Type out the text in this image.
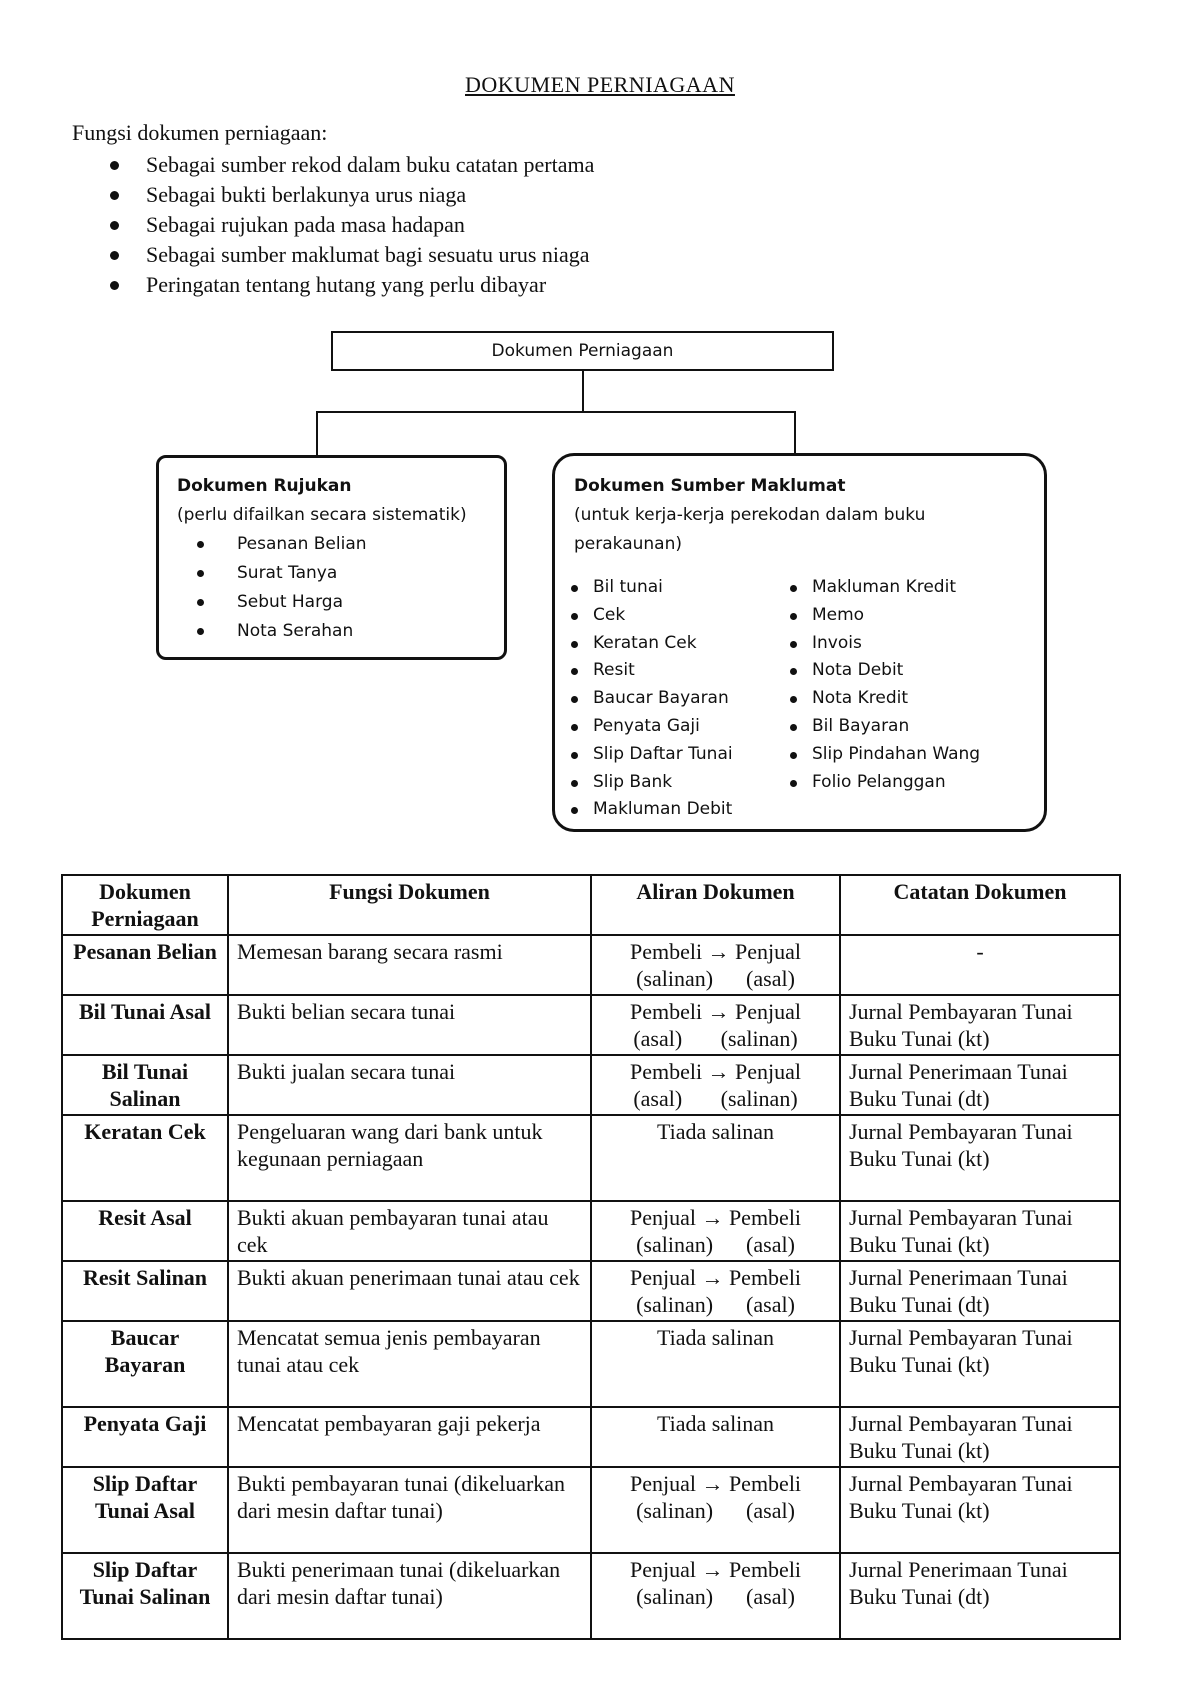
DOKUMEN PERNIAGAAN
Fungsi dokumen perniagaan:
Sebagai sumber rekod dalam buku catatan pertama
Sebagai bukti berlakunya urus niaga
Sebagai rujukan pada masa hadapan
Sebagai sumber maklumat bagi sesuatu urus niaga
Peringatan tentang hutang yang perlu dibayar
Dokumen Perniagaan
Dokumen Rujukan
(perlu difailkan secara sistematik)
Pesanan Belian
Surat Tanya
Sebut Harga
Nota Serahan
Dokumen Sumber Maklumat
(untuk kerja-kerja perekodan dalam buku perakaunan)
Bil tunai
Cek
Keratan Cek
Resit
Baucar Bayaran
Penyata Gaji
Slip Daftar Tunai
Slip Bank
Makluman Debit
Makluman Kredit
Memo
Invois
Nota Debit
Nota Kredit
Bil Bayaran
Slip Pindahan Wang
Folio Pelanggan
Dokumen Perniagaan	Fungsi Dokumen	Aliran Dokumen	Catatan Dokumen
Pesanan Belian	Memesan barang secara rasmi	Pembeli → Penjual
(salinan)      (asal)	-

Bil Tunai Asal	Bukti belian secara tunai	Pembeli → Penjual
(asal)       (salinan)	Jurnal Pembayaran Tunai
Buku Tunai (kt)

Bil Tunai Salinan	Bukti jualan secara tunai	Pembeli → Penjual
(asal)       (salinan)	Jurnal Penerimaan Tunai
Buku Tunai (dt)

Keratan Cek	Pengeluaran wang dari bank untuk kegunaan perniagaan	Tiada salinan	Jurnal Pembayaran Tunai
Buku Tunai (kt)

Resit Asal	Bukti akuan pembayaran tunai atau cek	Penjual → Pembeli
(salinan)      (asal)	Jurnal Pembayaran Tunai
Buku Tunai (kt)

Resit Salinan	Bukti akuan penerimaan tunai atau cek	Penjual → Pembeli
(salinan)      (asal)	Jurnal Penerimaan Tunai
Buku Tunai (dt)

Baucar Bayaran	Mencatat semua jenis pembayaran tunai atau cek	Tiada salinan	Jurnal Pembayaran Tunai
Buku Tunai (kt)

Penyata Gaji	Mencatat pembayaran gaji pekerja	Tiada salinan	Jurnal Pembayaran Tunai
Buku Tunai (kt)

Slip Daftar Tunai Asal	Bukti pembayaran tunai (dikeluarkan dari mesin daftar tunai)	Penjual → Pembeli
(salinan)      (asal)	Jurnal Pembayaran Tunai
Buku Tunai (kt)

Slip Daftar Tunai Salinan	Bukti penerimaan tunai (dikeluarkan dari mesin daftar tunai)	Penjual → Pembeli
(salinan)      (asal)	Jurnal Penerimaan Tunai
Buku Tunai (dt)
